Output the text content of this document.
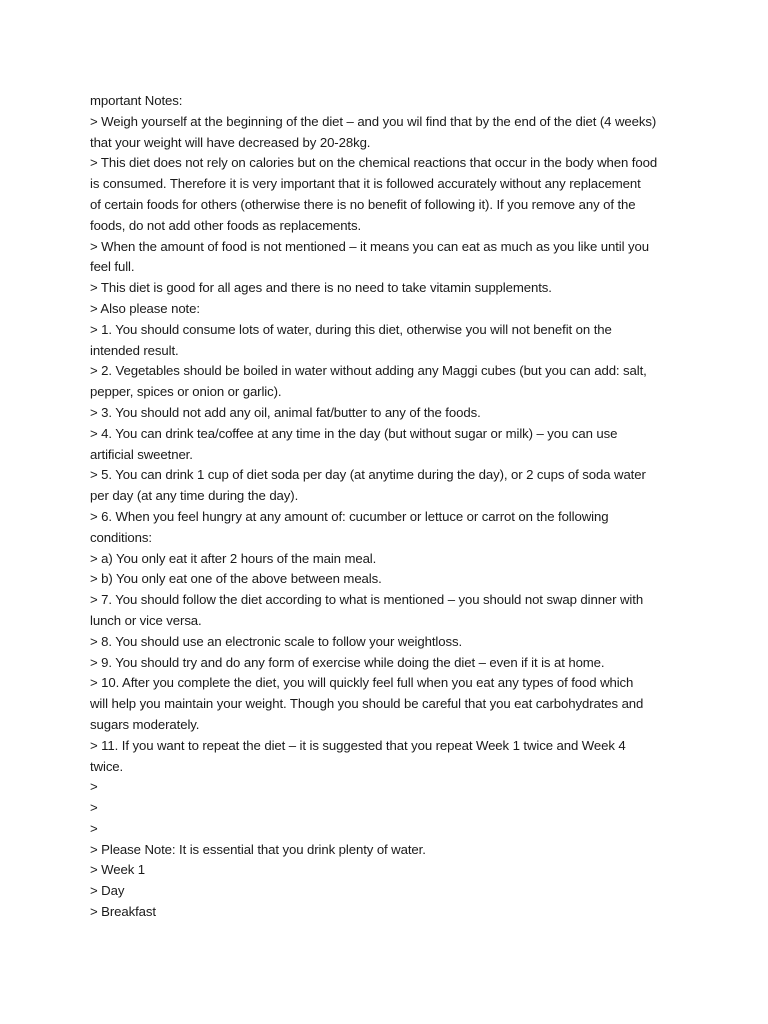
mportant Notes:
> Weigh yourself at the beginning of the diet – and you wil find that by the end of the diet (4 weeks)
that your weight will have decreased by 20-28kg.
> This diet does not rely on calories but on the chemical reactions that occur in the body when food
is consumed. Therefore it is very important that it is followed accurately without any replacement
of certain foods for others (otherwise there is no benefit of following it). If you remove any of the
foods, do not add other foods as replacements.
> When the amount of food is not mentioned – it means you can eat as much as you like until you
feel full.
> This diet is good for all ages and there is no need to take vitamin supplements.
> Also please note:
> 1. You should consume lots of water, during this diet, otherwise you will not benefit on the
intended result.
> 2. Vegetables should be boiled in water without adding any Maggi cubes (but you can add: salt,
pepper, spices or onion or garlic).
> 3. You should not add any oil, animal fat/butter to any of the foods.
> 4. You can drink tea/coffee at any time in the day (but without sugar or milk) – you can use
artificial sweetner.
> 5. You can drink 1 cup of diet soda per day (at anytime during the day), or 2 cups of soda water
per day (at any time during the day).
> 6. When you feel hungry at any amount of: cucumber or lettuce or carrot on the following
conditions:
> a) You only eat it after 2 hours of the main meal.
> b) You only eat one of the above between meals.
> 7. You should follow the diet according to what is mentioned – you should not swap dinner with
lunch or vice versa.
> 8. You should use an electronic scale to follow your weightloss.
> 9. You should try and do any form of exercise while doing the diet – even if it is at home.
> 10. After you complete the diet, you will quickly feel full when you eat any types of food which
will help you maintain your weight. Though you should be careful that you eat carbohydrates and
sugars moderately.
> 11. If you want to repeat the diet – it is suggested that you repeat Week 1 twice and Week 4
twice.
>
>
>
> Please Note: It is essential that you drink plenty of water.
> Week 1
> Day
> Breakfast
